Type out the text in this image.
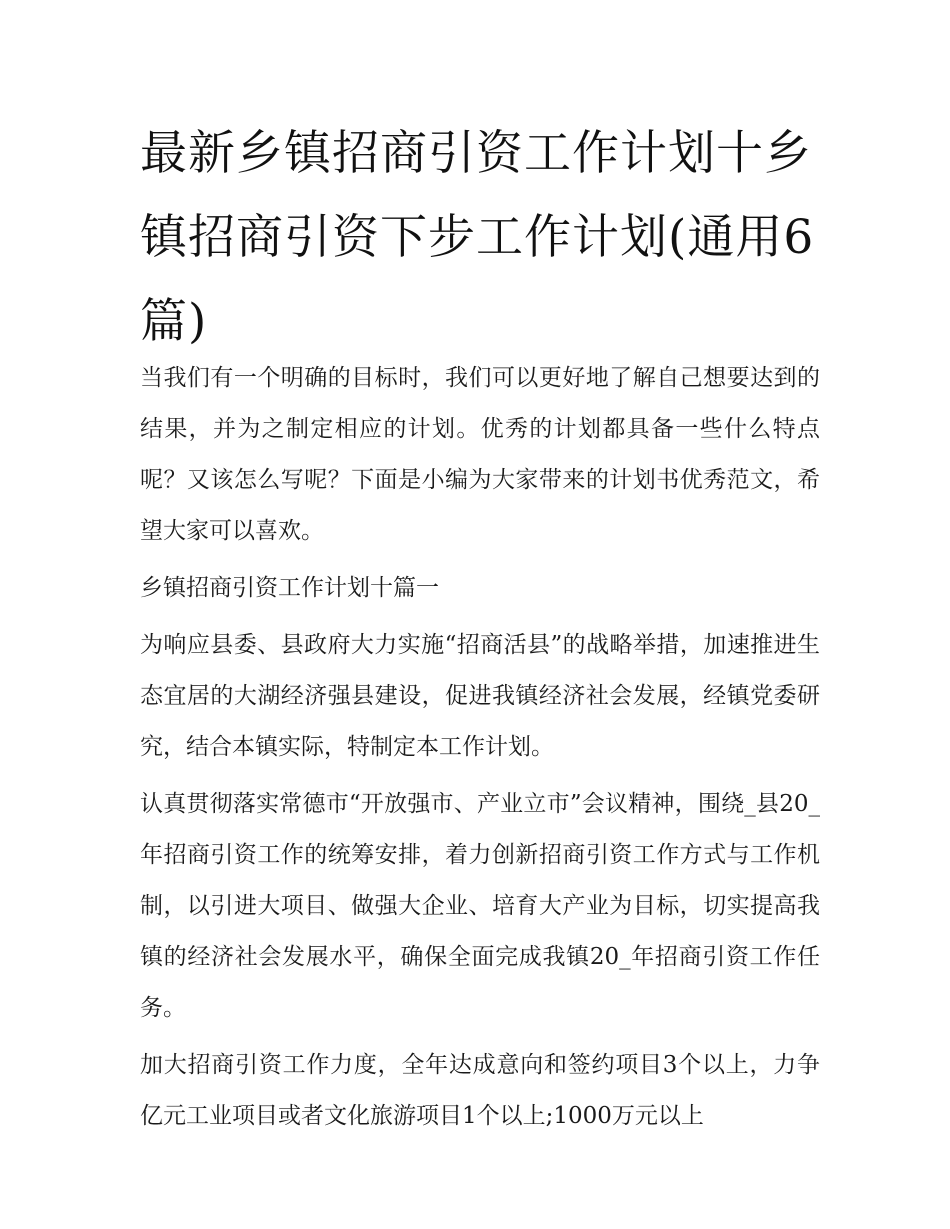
最新乡镇招商引资工作计划十乡镇招商引资下步工作计划(通用6篇)

当我们有一个明确的目标时，我们可以更好地了解自己想要达到的结果，并为之制定相应的计划。优秀的计划都具备一些什么特点呢？又该怎么写呢？下面是小编为大家带来的计划书优秀范文，希望大家可以喜欢。

乡镇招商引资工作计划十篇一

为响应县委、县政府大力实施“招商活县”的战略举措，加速推进生态宜居的大湖经济强县建设，促进我镇经济社会发展，经镇党委研究，结合本镇实际，特制定本工作计划。

认真贯彻落实常德市“开放强市、产业立市”会议精神，围绕_县20_年招商引资工作的统筹安排，着力创新招商引资工作方式与工作机制，以引进大项目、做强大企业、培育大产业为目标，切实提高我镇的经济社会发展水平，确保全面完成我镇20_年招商引资工作任务。

加大招商引资工作力度，全年达成意向和签约项目3个以上，力争亿元工业项目或者文化旅游项目1个以上;1000万元以上
